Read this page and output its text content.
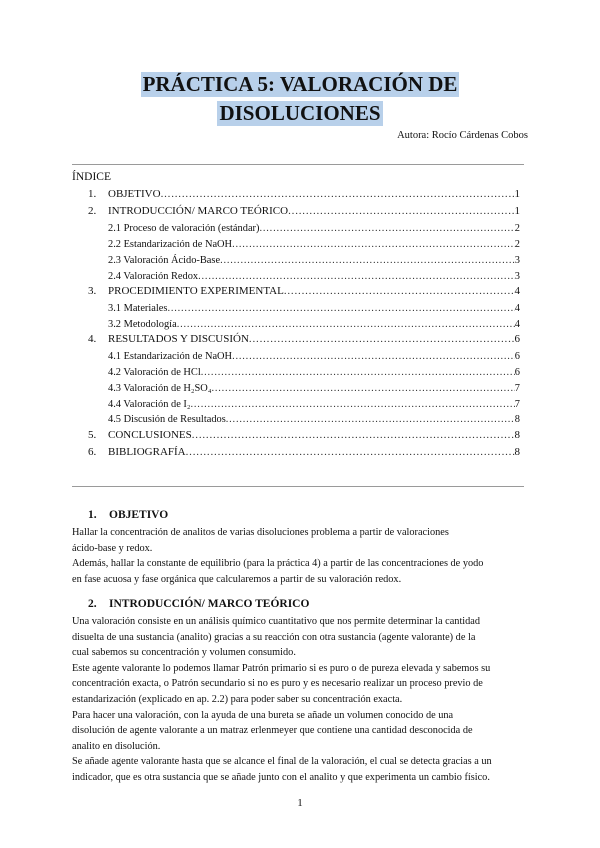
PRÁCTICA 5: VALORACIÓN DE
DISOLUCIONES
Autora: Rocío Cárdenas Cobos
ÍNDICE
1.	OBJETIVO .....	1
2.	INTRODUCCIÓN/ MARCO TEÓRICO .....	1
2.1 Proceso de valoración (estándar) .....	2
2.2 Estandarización de NaOH .....	2
2.3 Valoración Ácido-Base .....	3
2.4 Valoración Redox .....	3
3.	PROCEDIMIENTO EXPERIMENTAL .....	4
3.1 Materiales .....	4
3.2 Metodología .....	4
4.	RESULTADOS Y DISCUSIÓN .....	6
4.1 Estandarización de NaOH .....	6
4.2 Valoración de HCl .....	6
4.3 Valoración de H₂SO₄ .....	7
4.4 Valoración de I₂ .....	7
4.5 Discusión de Resultados .....	8
5.	CONCLUSIONES .....	8
6.	BIBLIOGRAFÍA .....	8
1.	OBJETIVO

Hallar la concentración de analitos de varias disoluciones problema a partir de valoraciones

ácido-base y redox.

Además, hallar la constante de equilibrio (para la práctica 4) a partir de las concentraciones de yodo

en fase acuosa y fase orgánica que calcularemos a partir de su valoración redox.

2.	INTRODUCCIÓN/ MARCO TEÓRICO

Una valoración consiste en un análisis químico cuantitativo que nos permite determinar la cantidad

disuelta de una sustancia (analito) gracias a su reacción con otra sustancia (agente valorante) de la

cual sabemos su concentración y volumen consumido.

Este agente valorante lo podemos llamar Patrón primario si es puro o de pureza elevada y sabemos su

concentración exacta, o Patrón secundario si no es puro y es necesario realizar un proceso previo de

estandarización (explicado en ap. 2.2) para poder saber su concentración exacta.

Para hacer una valoración, con la ayuda de una bureta se añade un volumen conocido de una

disolución de agente valorante a un matraz erlenmeyer que contiene una cantidad desconocida de

analito en disolución.

Se añade agente valorante hasta que se alcance el final de la valoración, el cual se detecta gracias a un

indicador, que es otra sustancia que se añade junto con el analito y que experimenta un cambio físico.

1
